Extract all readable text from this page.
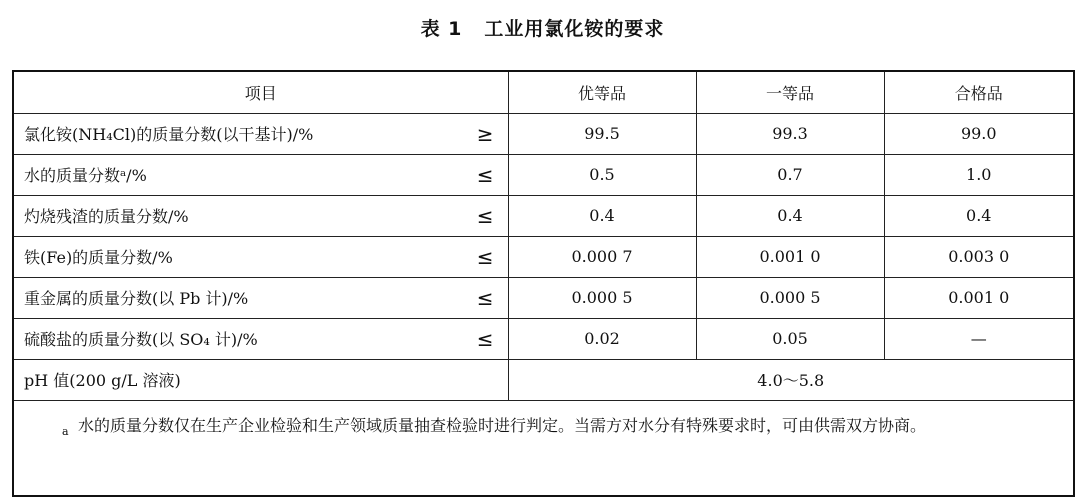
表 1 工业用氯化铵的要求
项目	优等品	一等品	合格品
氯化铵(NH₄Cl)的质量分数(以干基计)/% ≥	99.5	99.3	99.0
水的质量分数ᵃ/% ≤	0.5	0.7	1.0
灼烧残渣的质量分数/% ≤	0.4	0.4	0.4
铁(Fe)的质量分数/% ≤	0.000 7	0.001 0	0.003 0
重金属的质量分数(以 Pb 计)/% ≤	0.000 5	0.000 5	0.001 0
硫酸盐的质量分数(以 SO₄ 计)/% ≤	0.02	0.05	—
pH 值(200 g/L 溶液)	4.0～5.8		

a 水的质量分数仅在生产企业检验和生产领域质量抽查检验时进行判定。当需方对水分有特殊要求时，可由供需双方协商。			
